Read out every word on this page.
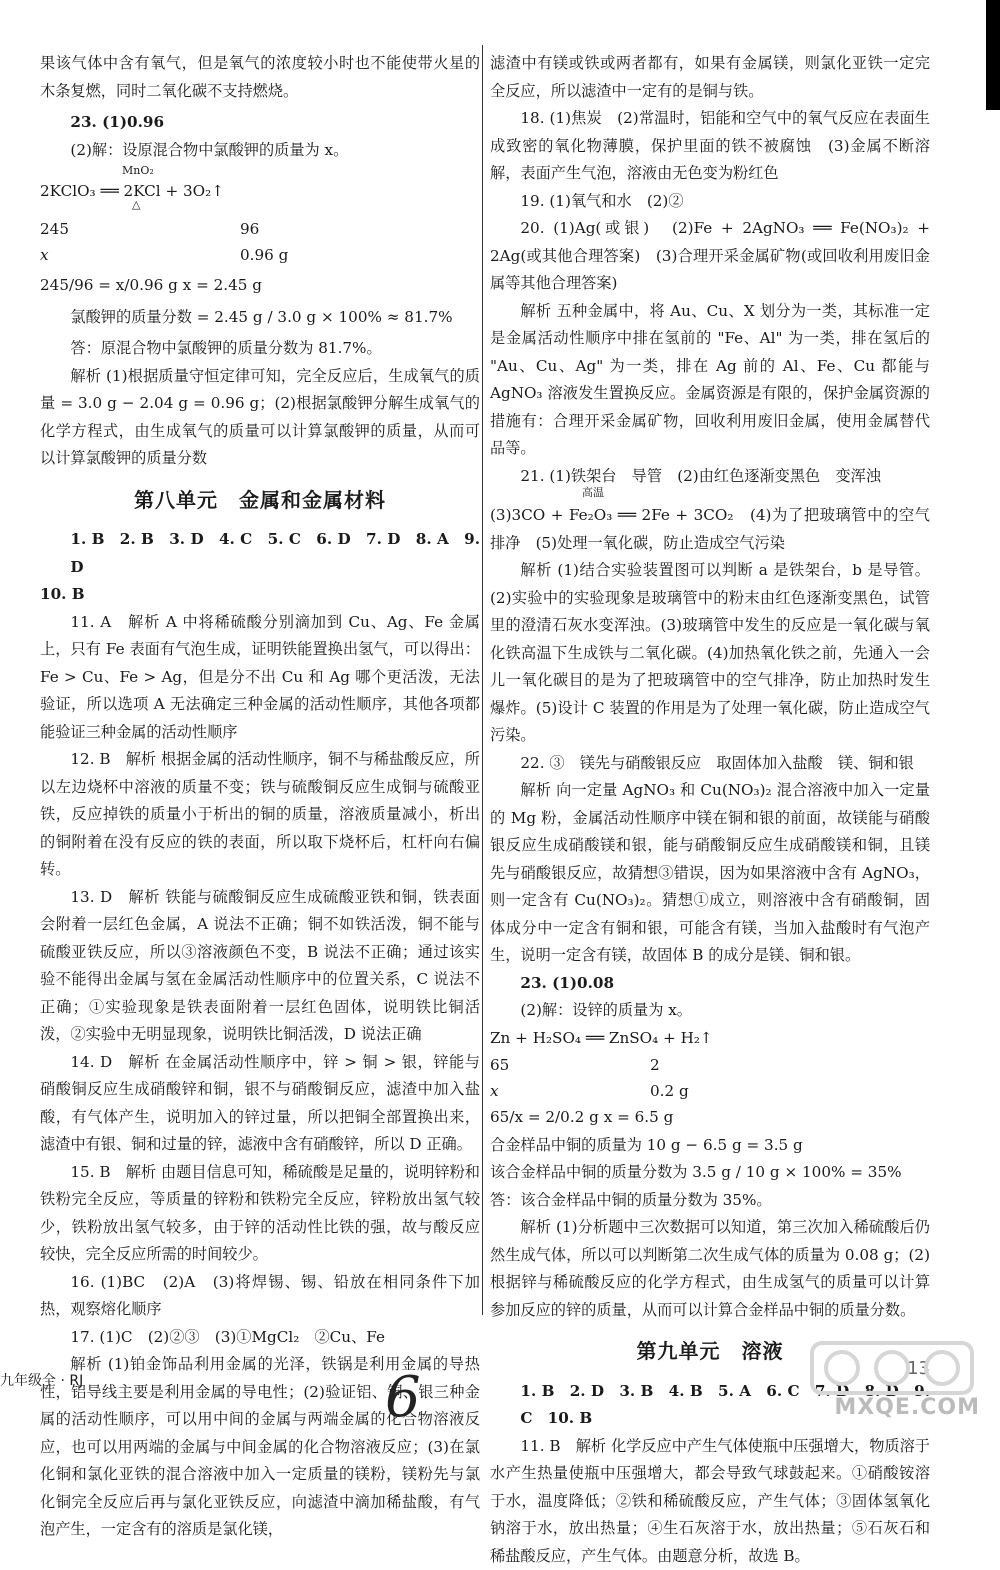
果该气体中含有氧气，但是氧气的浓度较小时也不能使带火星的木条复燃，同时二氧化碳不支持燃烧。

23. (1)0.96

(2)解：设原混合物中氯酸钾的质量为 x。

MnO₂
2KClO₃ ══ 2KCl + 3O₂↑
△
245	96
x	0.96 g

245/96 = x/0.96 g x = 2.45 g

氯酸钾的质量分数 = 2.45 g / 3.0 g × 100% ≈ 81.7%

答：原混合物中氯酸钾的质量分数为 81.7%。

解析 (1)根据质量守恒定律可知，完全反应后，生成氧气的质量 = 3.0 g − 2.04 g = 0.96 g；(2)根据氯酸钾分解生成氧气的化学方程式，由生成氧气的质量可以计算氯酸钾的质量，从而可以计算氯酸钾的质量分数

第八单元　金属和金属材料

1. B　2. B　3. D　4. C　5. C　6. D　7. D　8. A　9. D

10. B

11. A　解析 A 中将稀硫酸分别滴加到 Cu、Ag、Fe 金属上，只有 Fe 表面有气泡生成，证明铁能置换出氢气，可以得出：Fe > Cu、Fe > Ag，但是分不出 Cu 和 Ag 哪个更活泼，无法验证，所以选项 A 无法确定三种金属的活动性顺序，其他各项都能验证三种金属的活动性顺序

12. B　解析 根据金属的活动性顺序，铜不与稀盐酸反应，所以左边烧杯中溶液的质量不变；铁与硫酸铜反应生成铜与硫酸亚铁，反应掉铁的质量小于析出的铜的质量，溶液质量减小，析出的铜附着在没有反应的铁的表面，所以取下烧杯后，杠杆向右偏转。

13. D　解析 铁能与硫酸铜反应生成硫酸亚铁和铜，铁表面会附着一层红色金属，A 说法不正确；铜不如铁活泼，铜不能与硫酸亚铁反应，所以③溶液颜色不变，B 说法不正确；通过该实验不能得出金属与氢在金属活动性顺序中的位置关系，C 说法不正确；①实验现象是铁表面附着一层红色固体，说明铁比铜活泼，②实验中无明显现象，说明铁比铜活泼，D 说法正确

14. D　解析 在金属活动性顺序中，锌 > 铜 > 银，锌能与硝酸铜反应生成硝酸锌和铜，银不与硝酸铜反应，滤渣中加入盐酸，有气体产生，说明加入的锌过量，所以把铜全部置换出来，滤渣中有银、铜和过量的锌，滤液中含有硝酸锌，所以 D 正确。

15. B　解析 由题目信息可知，稀硫酸是足量的，说明锌粉和铁粉完全反应，等质量的锌粉和铁粉完全反应，锌粉放出氢气较少，铁粉放出氢气较多，由于锌的活动性比铁的强，故与酸反应较快，完全反应所需的时间较少。

16. (1)BC　(2)A　(3)将焊锡、锡、铅放在相同条件下加热，观察熔化顺序

17. (1)C　(2)②③　(3)①MgCl₂　②Cu、Fe

解析 (1)铂金饰品利用金属的光泽，铁锅是利用金属的导热性，铝导线主要是利用金属的导电性；(2)验证铝、铜、银三种金属的活动性顺序，可以用中间的金属与两端金属的化合物溶液反应，也可以用两端的金属与中间金属的化合物溶液反应；(3)在氯化铜和氯化亚铁的混合溶液中加入一定质量的镁粉，镁粉先与氯化铜完全反应后再与氯化亚铁反应，向滤渣中滴加稀盐酸，有气泡产生，一定含有的溶质是氯化镁，

滤渣中有镁或铁或两者都有，如果有金属镁，则氯化亚铁一定完全反应，所以滤渣中一定有的是铜与铁。

18. (1)焦炭　(2)常温时，铝能和空气中的氧气反应在表面生成致密的氧化物薄膜，保护里面的铁不被腐蚀　(3)金属不断溶解，表面产生气泡，溶液由无色变为粉红色

19. (1)氧气和水　(2)②

20. (1)Ag(或银)　(2)Fe + 2AgNO₃ ══ Fe(NO₃)₂ + 2Ag(或其他合理答案)　(3)合理开采金属矿物(或回收利用废旧金属等其他合理答案)

解析 五种金属中，将 Au、Cu、X 划分为一类，其标准一定是金属活动性顺序中排在氢前的 "Fe、Al" 为一类，排在氢后的 "Au、Cu、Ag" 为一类，排在 Ag 前的 Al、Fe、Cu 都能与 AgNO₃ 溶液发生置换反应。金属资源是有限的，保护金属资源的措施有：合理开采金属矿物，回收利用废旧金属，使用金属替代品等。

21. (1)铁架台　导管　(2)由红色逐渐变黑色　变浑浊

高温

(3)3CO + Fe₂O₃ ══ 2Fe + 3CO₂　(4)为了把玻璃管中的空气排净　(5)处理一氧化碳，防止造成空气污染

解析 (1)结合实验装置图可以判断 a 是铁架台，b 是导管。(2)实验中的实验现象是玻璃管中的粉末由红色逐渐变黑色，试管里的澄清石灰水变浑浊。(3)玻璃管中发生的反应是一氧化碳与氧化铁高温下生成铁与二氧化碳。(4)加热氧化铁之前，先通入一会儿一氧化碳目的是为了把玻璃管中的空气排净，防止加热时发生爆炸。(5)设计 C 装置的作用是为了处理一氧化碳，防止造成空气污染。

22. ③　镁先与硝酸银反应　取固体加入盐酸　镁、铜和银

解析 向一定量 AgNO₃ 和 Cu(NO₃)₂ 混合溶液中加入一定量的 Mg 粉，金属活动性顺序中镁在铜和银的前面，故镁能与硝酸银反应生成硝酸镁和银，能与硝酸铜反应生成硝酸镁和铜，且镁先与硝酸银反应，故猜想③错误，因为如果溶液中含有 AgNO₃，则一定含有 Cu(NO₃)₂。猜想①成立，则溶液中含有硝酸铜，固体成分中一定含有铜和银，可能含有镁，当加入盐酸时有气泡产生，说明一定含有镁，故固体 B 的成分是镁、铜和银。

23. (1)0.08

(2)解：设锌的质量为 x。

Zn + H₂SO₄ ══ ZnSO₄ + H₂↑

65	2
x	0.2 g

65/x = 2/0.2 g x = 6.5 g

合金样品中铜的质量为 10 g − 6.5 g = 3.5 g

该合金样品中铜的质量分数为 3.5 g / 10 g × 100% = 35%

答：该合金样品中铜的质量分数为 35%。

解析 (1)分析题中三次数据可以知道，第三次加入稀硫酸后仍然生成气体，所以可以判断第二次生成气体的质量为 0.08 g；(2)根据锌与稀硫酸反应的化学方程式，由生成氢气的质量可以计算参加反应的锌的质量，从而可以计算合金样品中铜的质量分数。

第九单元　溶液

1. B　2. D　3. B　4. B　5. A　6. C　7. D　8. D　9. C　10. B

11. B　解析 化学反应中产生气体使瓶中压强增大，物质溶于水产生热量使瓶中压强增大，都会导致气球鼓起来。①硝酸铵溶于水，温度降低；②铁和稀硫酸反应，产生气体；③固体氢氧化钠溶于水，放出热量；④生石灰溶于水，放出热量；⑤石灰石和稀盐酸反应，产生气体。由题意分析，故选 B。

九年级全 · RJ	6	13
MXQE.COM
